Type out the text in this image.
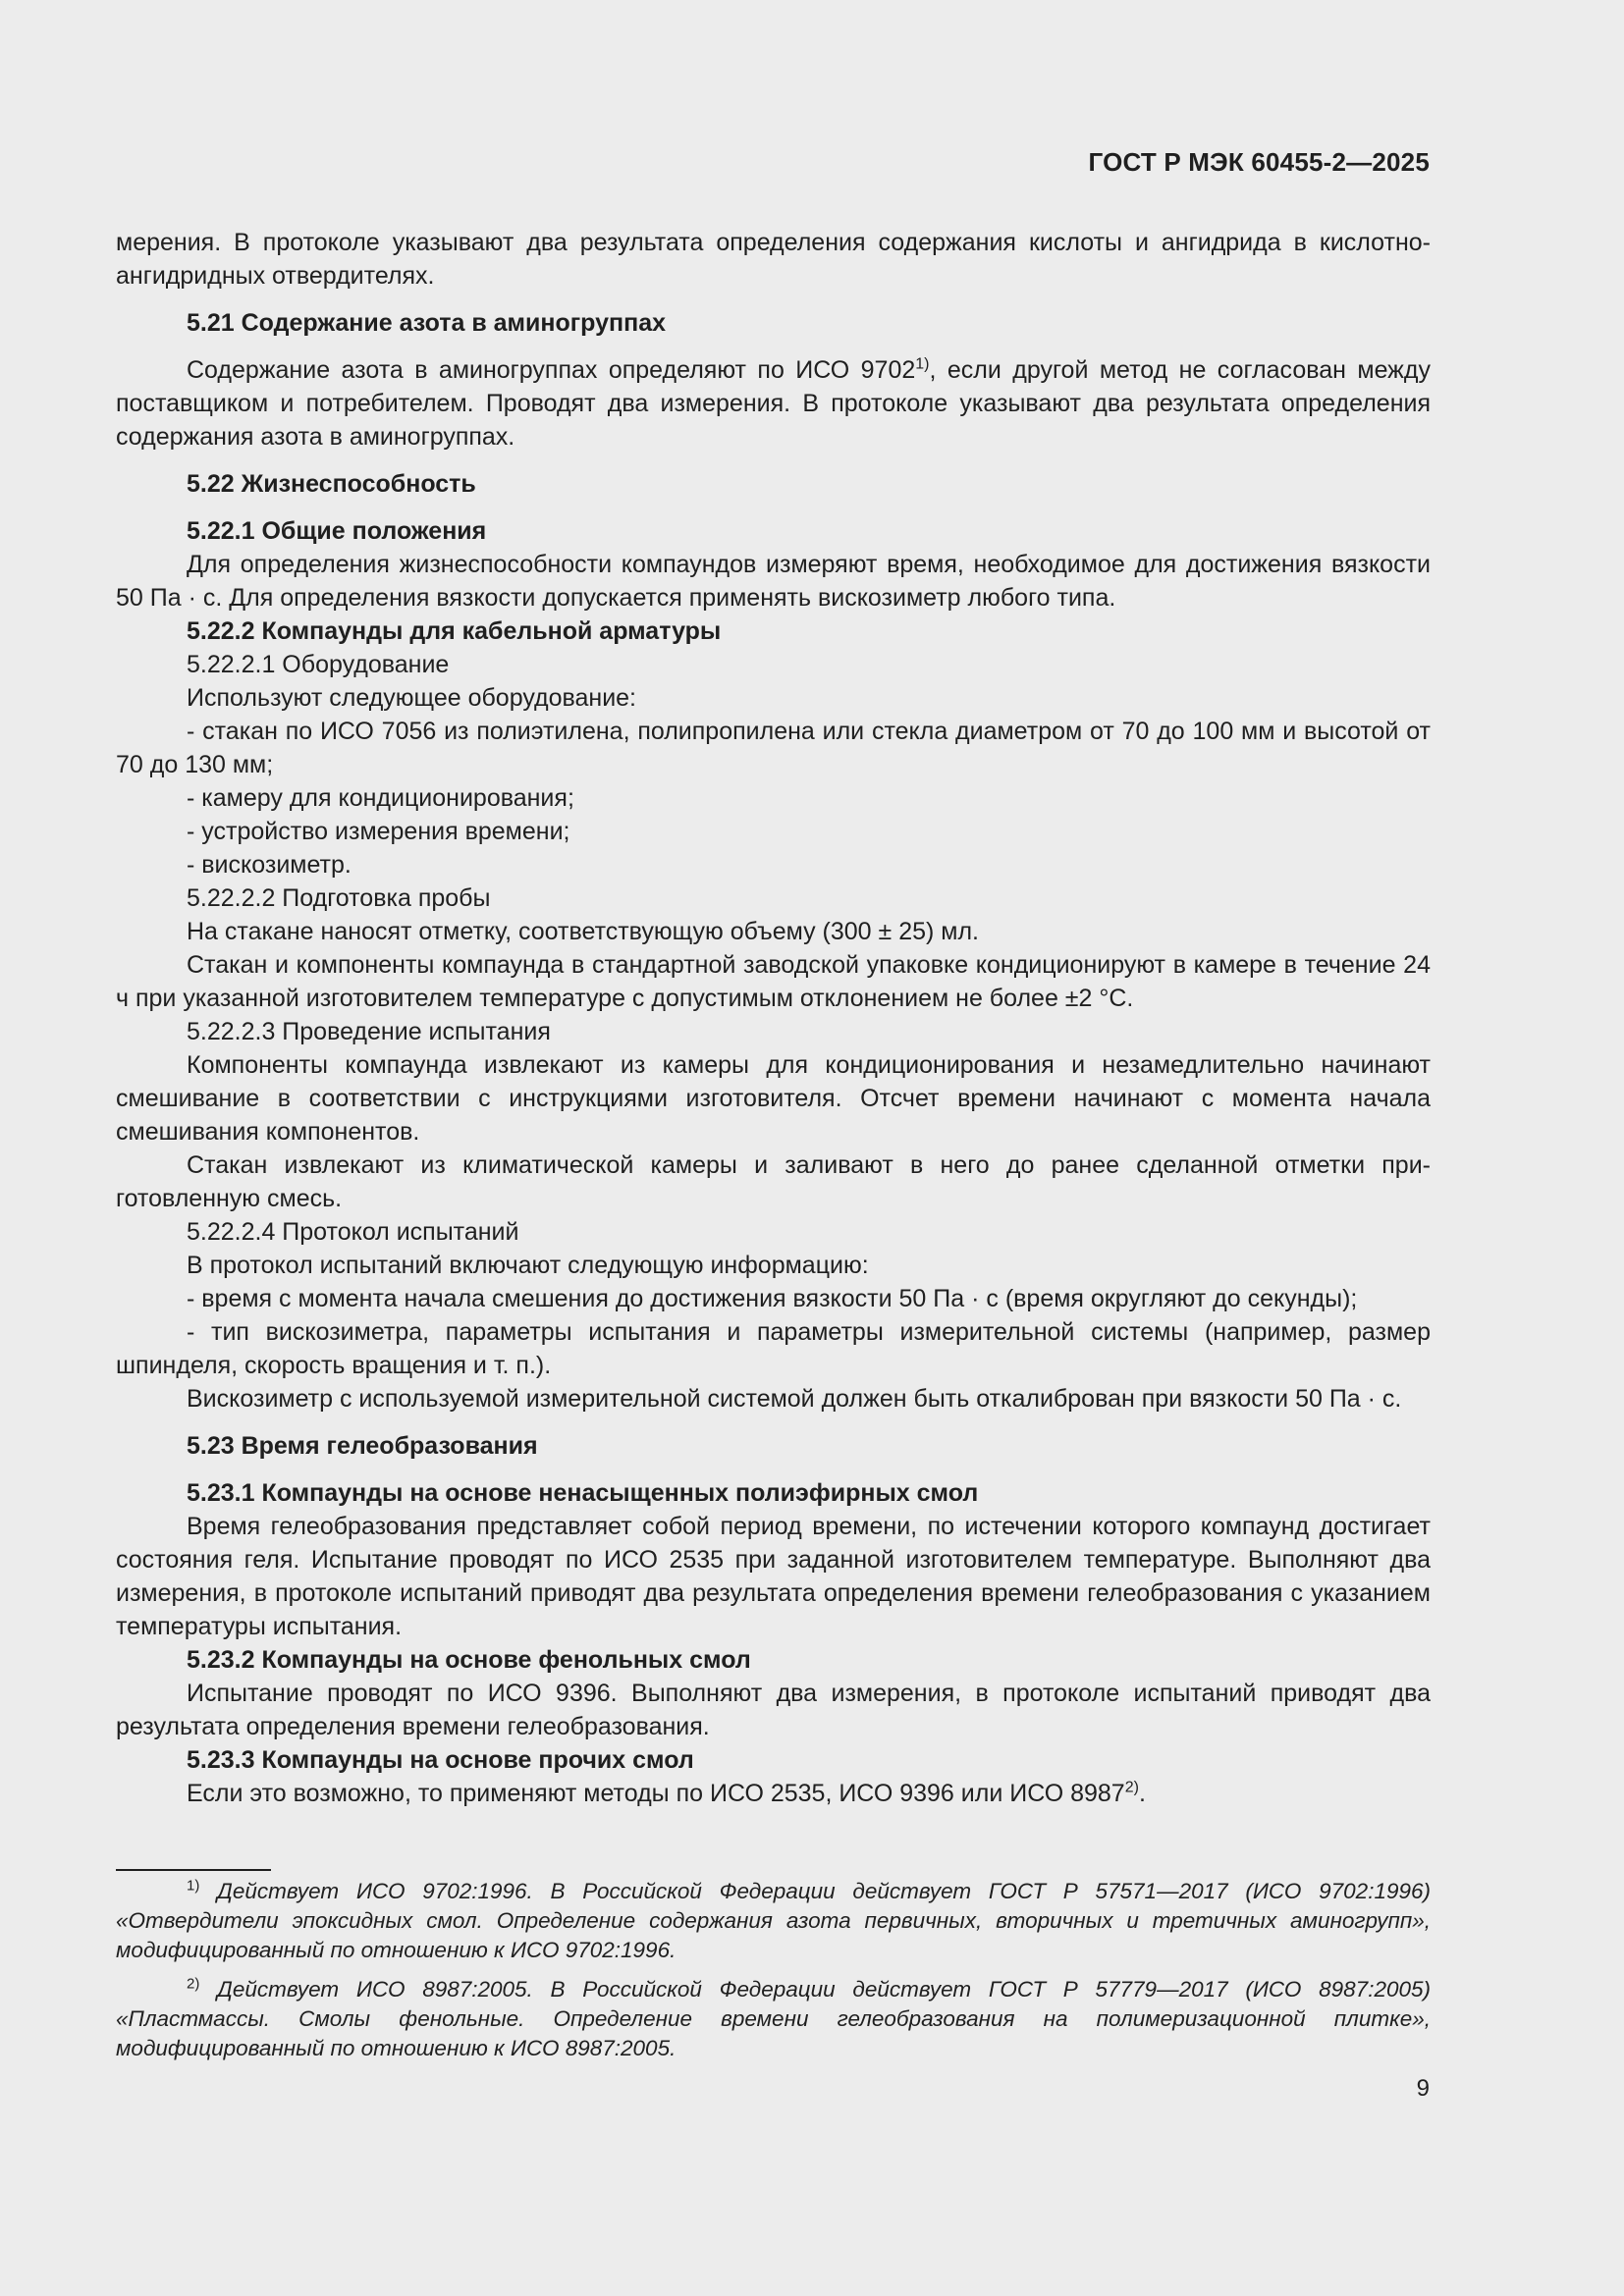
ГОСТ Р МЭК 60455-2—2025

мерения. В протоколе указывают два результата определения содержания кислоты и ангидрида в кислотно-ангидридных отвердителях.

5.21 Содержание азота в аминогруппах

Содержание азота в аминогруппах определяют по ИСО 9702$^{1)}$, если другой метод не согласован между поставщиком и потребителем. Проводят два измерения. В протоколе указывают два результата определения содержания азота в аминогруппах.

5.22 Жизнеспособность

5.22.1 Общие положения

Для определения жизнеспособности компаундов измеряют время, необходимое для достижения вязкости 50 Па · с. Для определения вязкости допускается применять вискозиметр любого типа.

5.22.2 Компаунды для кабельной арматуры

5.22.2.1 Оборудование

Используют следующее оборудование:

- стакан по ИСО 7056 из полиэтилена, полипропилена или стекла диаметром от 70 до 100 мм и высотой от 70 до 130 мм;

- камеру для кондиционирования;

- устройство измерения времени;

- вискозиметр.

5.22.2.2 Подготовка пробы

На стакане наносят отметку, соответствующую объему (300 ± 25) мл.

Стакан и компоненты компаунда в стандартной заводской упаковке кондиционируют в камере в течение 24 ч при указанной изготовителем температуре с допустимым отклонением не более ±2 °С.

5.22.2.3 Проведение испытания

Компоненты компаунда извлекают из камеры для кондиционирования и незамедлительно начинают смешивание в соответствии с инструкциями изготовителя. Отсчет времени начинают с момента начала смешивания компонентов.

Стакан извлекают из климатической камеры и заливают в него до ранее сделанной отметки приготовленную смесь.

5.22.2.4 Протокол испытаний

В протокол испытаний включают следующую информацию:

- время с момента начала смешения до достижения вязкости 50 Па · с (время округляют до секунды);

- тип вискозиметра, параметры испытания и параметры измерительной системы (например, размер шпинделя, скорость вращения и т. п.).

Вискозиметр с используемой измерительной системой должен быть откалиброван при вязкости 50 Па · с.

5.23 Время гелеобразования

5.23.1 Компаунды на основе ненасыщенных полиэфирных смол

Время гелеобразования представляет собой период времени, по истечении которого компаунд достигает состояния геля. Испытание проводят по ИСО 2535 при заданной изготовителем температуре. Выполняют два измерения, в протоколе испытаний приводят два результата определения времени гелеобразования с указанием температуры испытания.

5.23.2 Компаунды на основе фенольных смол

Испытание проводят по ИСО 9396. Выполняют два измерения, в протоколе испытаний приводят два результата определения времени гелеобразования.

5.23.3 Компаунды на основе прочих смол

Если это возможно, то применяют методы по ИСО 2535, ИСО 9396 или ИСО 8987$^{2)}$.

$^{1)}$ Действует ИСО 9702:1996. В Российской Федерации действует ГОСТ Р 57571—2017 (ИСО 9702:1996) «Отвердители эпоксидных смол. Определение содержания азота первичных, вторичных и третичных аминогрупп», модифицированный по отношению к ИСО 9702:1996.

$^{2)}$ Действует ИСО 8987:2005. В Российской Федерации действует ГОСТ Р 57779—2017 (ИСО 8987:2005) «Пластмассы. Смолы фенольные. Определение времени гелеобразования на полимеризационной плитке», модифицированный по отношению к ИСО 8987:2005.

9
